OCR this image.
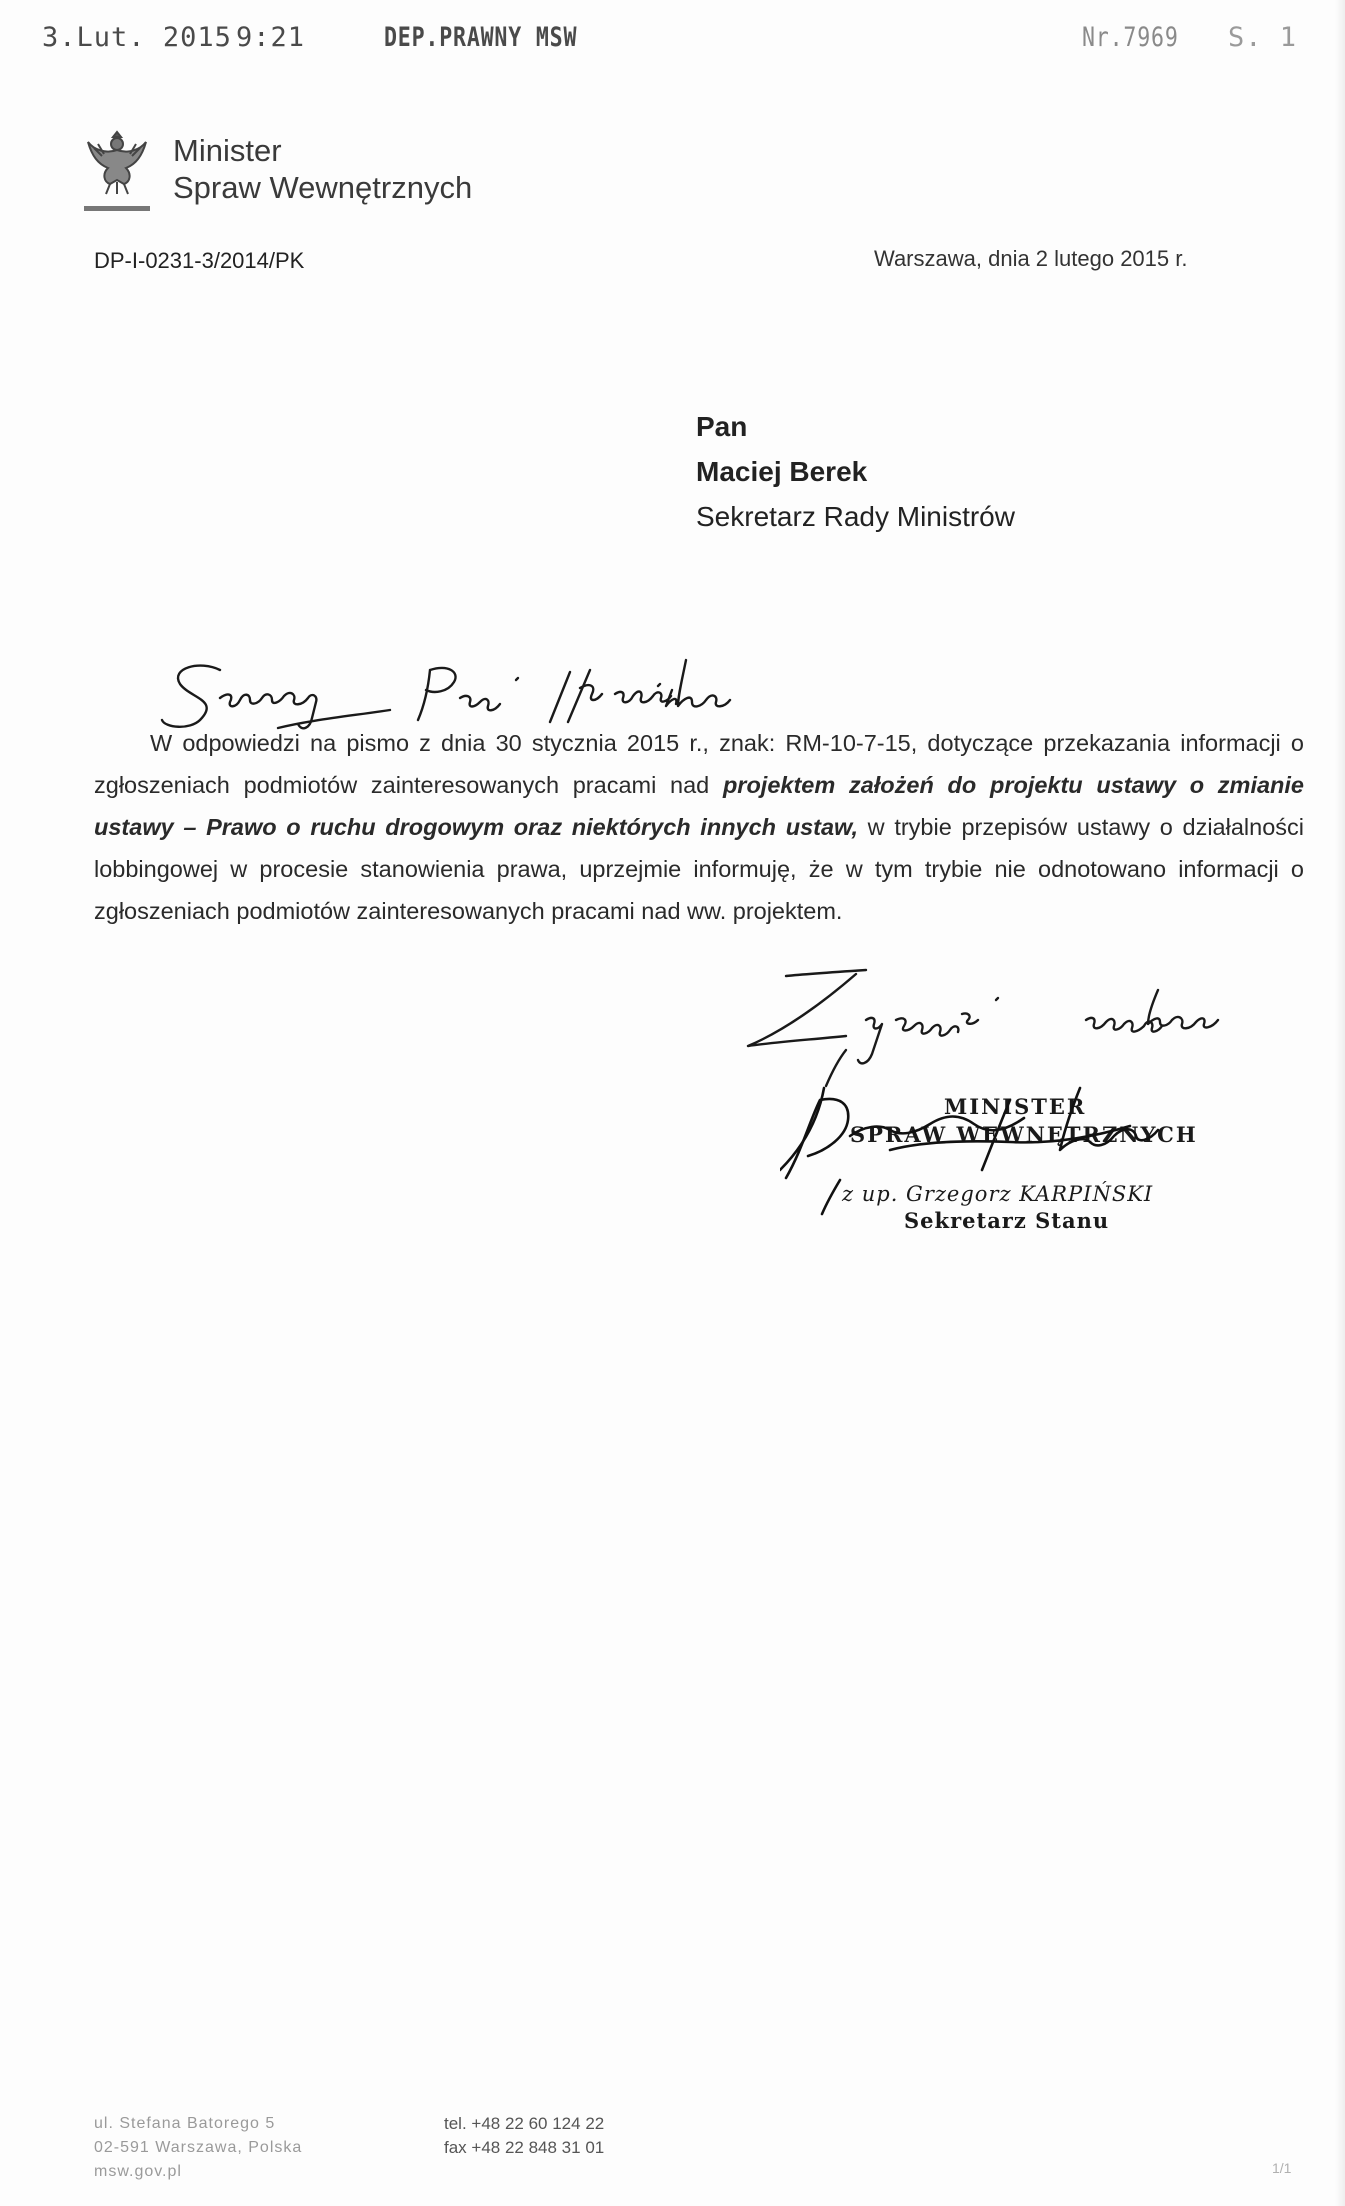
3.Lut. 2015 9:21	DEP.PRAWNY MSW	Nr.7969 S. 1
Minister
Spraw Wewnętrznych
DP-I-0231-3/2014/PK	Warszawa, dnia 2 lutego 2015 r.
Pan
Maciej Berek
Sekretarz Rady Ministrów
W odpowiedzi na pismo z dnia 30 stycznia 2015 r., znak: RM-10-7-15, dotyczące przekazania informacji o zgłoszeniach podmiotów zainteresowanych pracami nad projektem założeń do projektu ustawy o zmianie ustawy – Prawo o ruchu drogowym oraz niektórych innych ustaw, w trybie przepisów ustawy o działalności lobbingowej w procesie stanowienia prawa, uprzejmie informuję, że w tym trybie nie odnotowano informacji o zgłoszeniach podmiotów zainteresowanych pracami nad ww. projektem.
MINISTER
SPRAW WEWNĘTRZNYCH
z up. Grzegorz KARPIŃSKI
Sekretarz Stanu
ul. Stefana Batorego 5
02-591 Warszawa, Polska
msw.gov.pl
tel. +48 22 60 124 22
fax +48 22 848 31 01
1/1
